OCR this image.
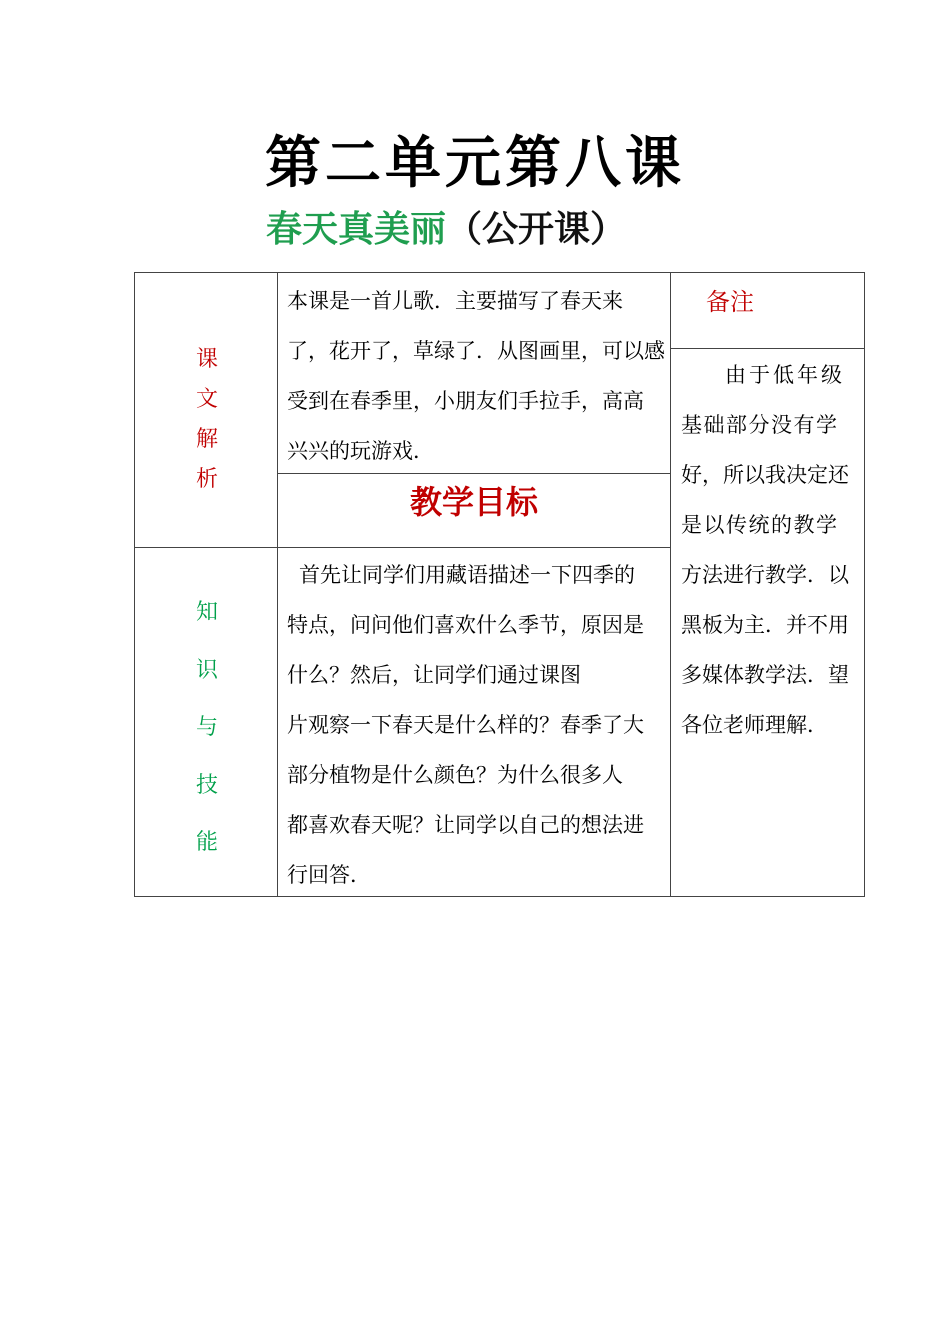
第二单元第八课
春天真美丽（公开课）
课
文
解
析
知
识
与
技
能
本课是一首儿歌．主要描写了春天来
了，花开了，草绿了．从图画里，可以感
受到在春季里，小朋友们手拉手，高高
兴兴的玩游戏．
教学目标
首先让同学们用藏语描述一下四季的
特点，问问他们喜欢什么季节，原因是
什么？然后，让同学们通过课图
片观察一下春天是什么样的？春季了大
部分植物是什么颜色？为什么很多人
都喜欢春天呢？让同学以自己的想法进
行回答．
备注
由于低年级
基础部分没有学
好，所以我决定还
是以传统的教学
方法进行教学．以
黑板为主．并不用
多媒体教学法．望
各位老师理解．
